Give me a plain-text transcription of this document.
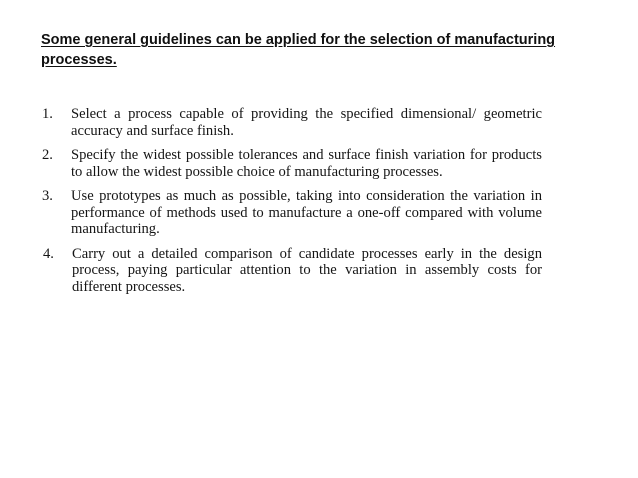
Some general guidelines can be applied for the selection of manufacturing processes.
1.	Select a process capable of providing the specified dimensional/ geometric accuracy and surface finish.
2.	Specify the widest possible tolerances and surface finish variation for products to allow the widest possible choice of manufacturing processes.
3.	Use prototypes as much as possible, taking into consideration the variation in performance of methods used to manufacture a one-off compared with volume manufacturing.
4.	Carry out a detailed comparison of candidate processes early in the design process, paying particular attention to the variation in assembly costs for different processes.
